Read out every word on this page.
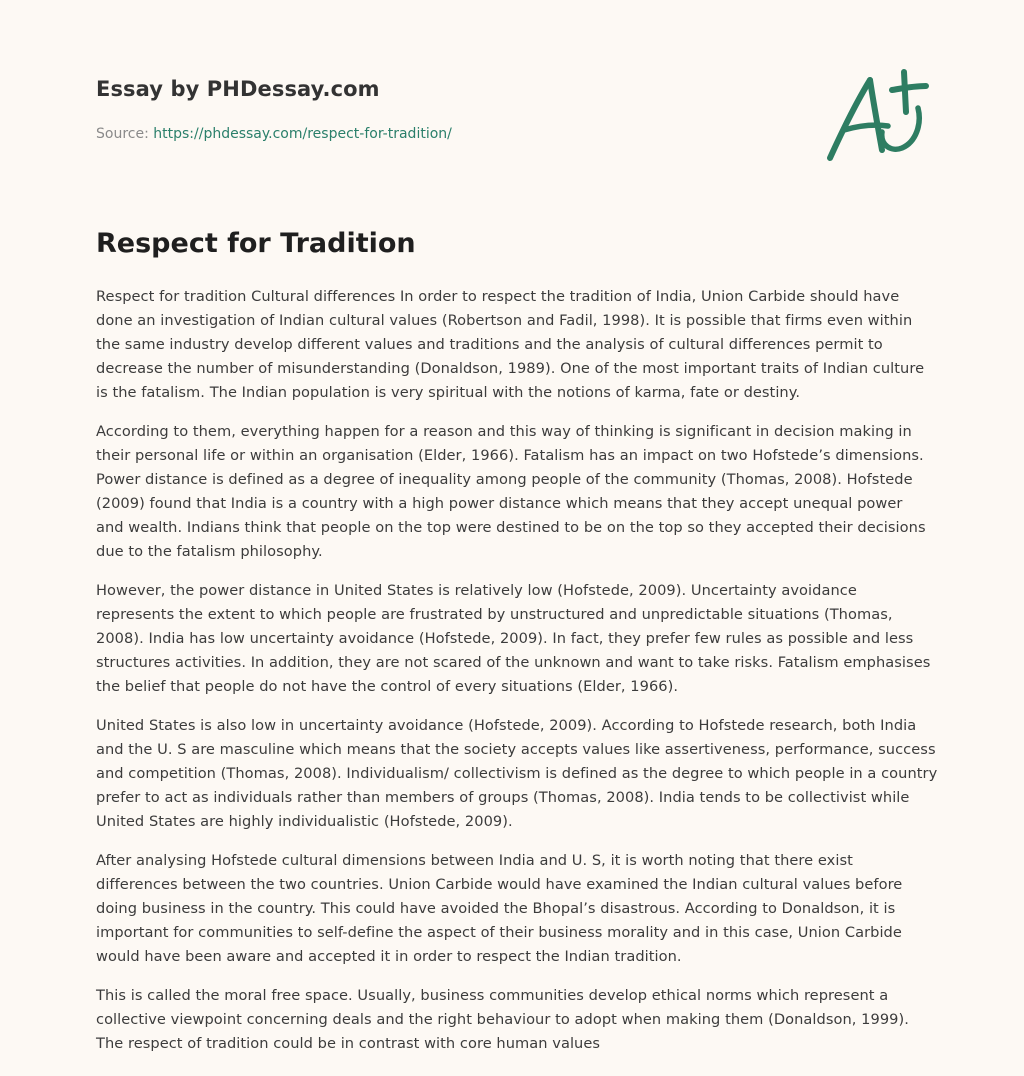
Essay by PHDessay.com
Source: https://phdessay.com/respect-for-tradition/
Respect for Tradition

Respect for tradition Cultural differences In order to respect the tradition of India, Union Carbide should have
done an investigation of Indian cultural values (Robertson and Fadil, 1998). It is possible that firms even within
the same industry develop different values and traditions and the analysis of cultural differences permit to
decrease the number of misunderstanding (Donaldson, 1989). One of the most important traits of Indian culture
is the fatalism. The Indian population is very spiritual with the notions of karma, fate or destiny.

According to them, everything happen for a reason and this way of thinking is significant in decision making in
their personal life or within an organisation (Elder, 1966). Fatalism has an impact on two Hofstede’s dimensions.
Power distance is defined as a degree of inequality among people of the community (Thomas, 2008). Hofstede
(2009) found that India is a country with a high power distance which means that they accept unequal power
and wealth. Indians think that people on the top were destined to be on the top so they accepted their decisions
due to the fatalism philosophy.

However, the power distance in United States is relatively low (Hofstede, 2009). Uncertainty avoidance
represents the extent to which people are frustrated by unstructured and unpredictable situations (Thomas,
2008). India has low uncertainty avoidance (Hofstede, 2009). In fact, they prefer few rules as possible and less
structures activities. In addition, they are not scared of the unknown and want to take risks. Fatalism emphasises
the belief that people do not have the control of every situations (Elder, 1966).

United States is also low in uncertainty avoidance (Hofstede, 2009). According to Hofstede research, both India
and the U. S are masculine which means that the society accepts values like assertiveness, performance, success
and competition (Thomas, 2008). Individualism/ collectivism is defined as the degree to which people in a country
prefer to act as individuals rather than members of groups (Thomas, 2008). India tends to be collectivist while
United States are highly individualistic (Hofstede, 2009).

After analysing Hofstede cultural dimensions between India and U. S, it is worth noting that there exist
differences between the two countries. Union Carbide would have examined the Indian cultural values before
doing business in the country. This could have avoided the Bhopal’s disastrous. According to Donaldson, it is
important for communities to self-define the aspect of their business morality and in this case, Union Carbide
would have been aware and accepted it in order to respect the Indian tradition.

This is called the moral free space. Usually, business communities develop ethical norms which represent a
collective viewpoint concerning deals and the right behaviour to adopt when making them (Donaldson, 1999).
The respect of tradition could be in contrast with core human values
